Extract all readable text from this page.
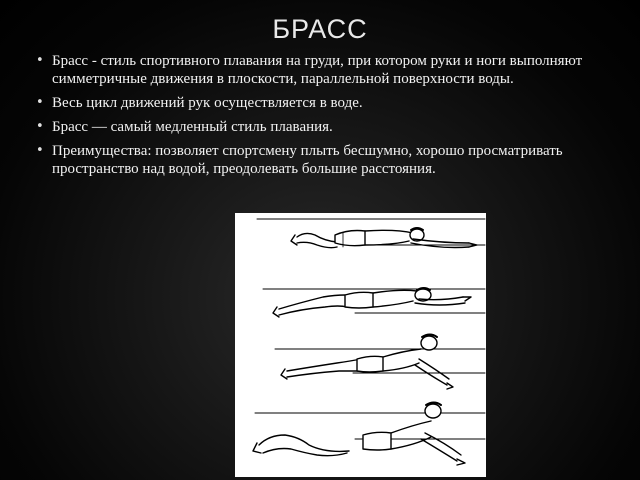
БРАСС
• Брасс - стиль спортивного плавания на груди, при котором руки и ноги выполняют симметричные движения в плоскости, параллельной поверхности воды.
• Весь цикл движений рук осуществляется в воде.
• Брасс — самый медленный стиль плавания.
• Преимущества: позволяет спортсмену плыть бесшумно, хорошо просматривать пространство над водой, преодолевать большие расстояния.
